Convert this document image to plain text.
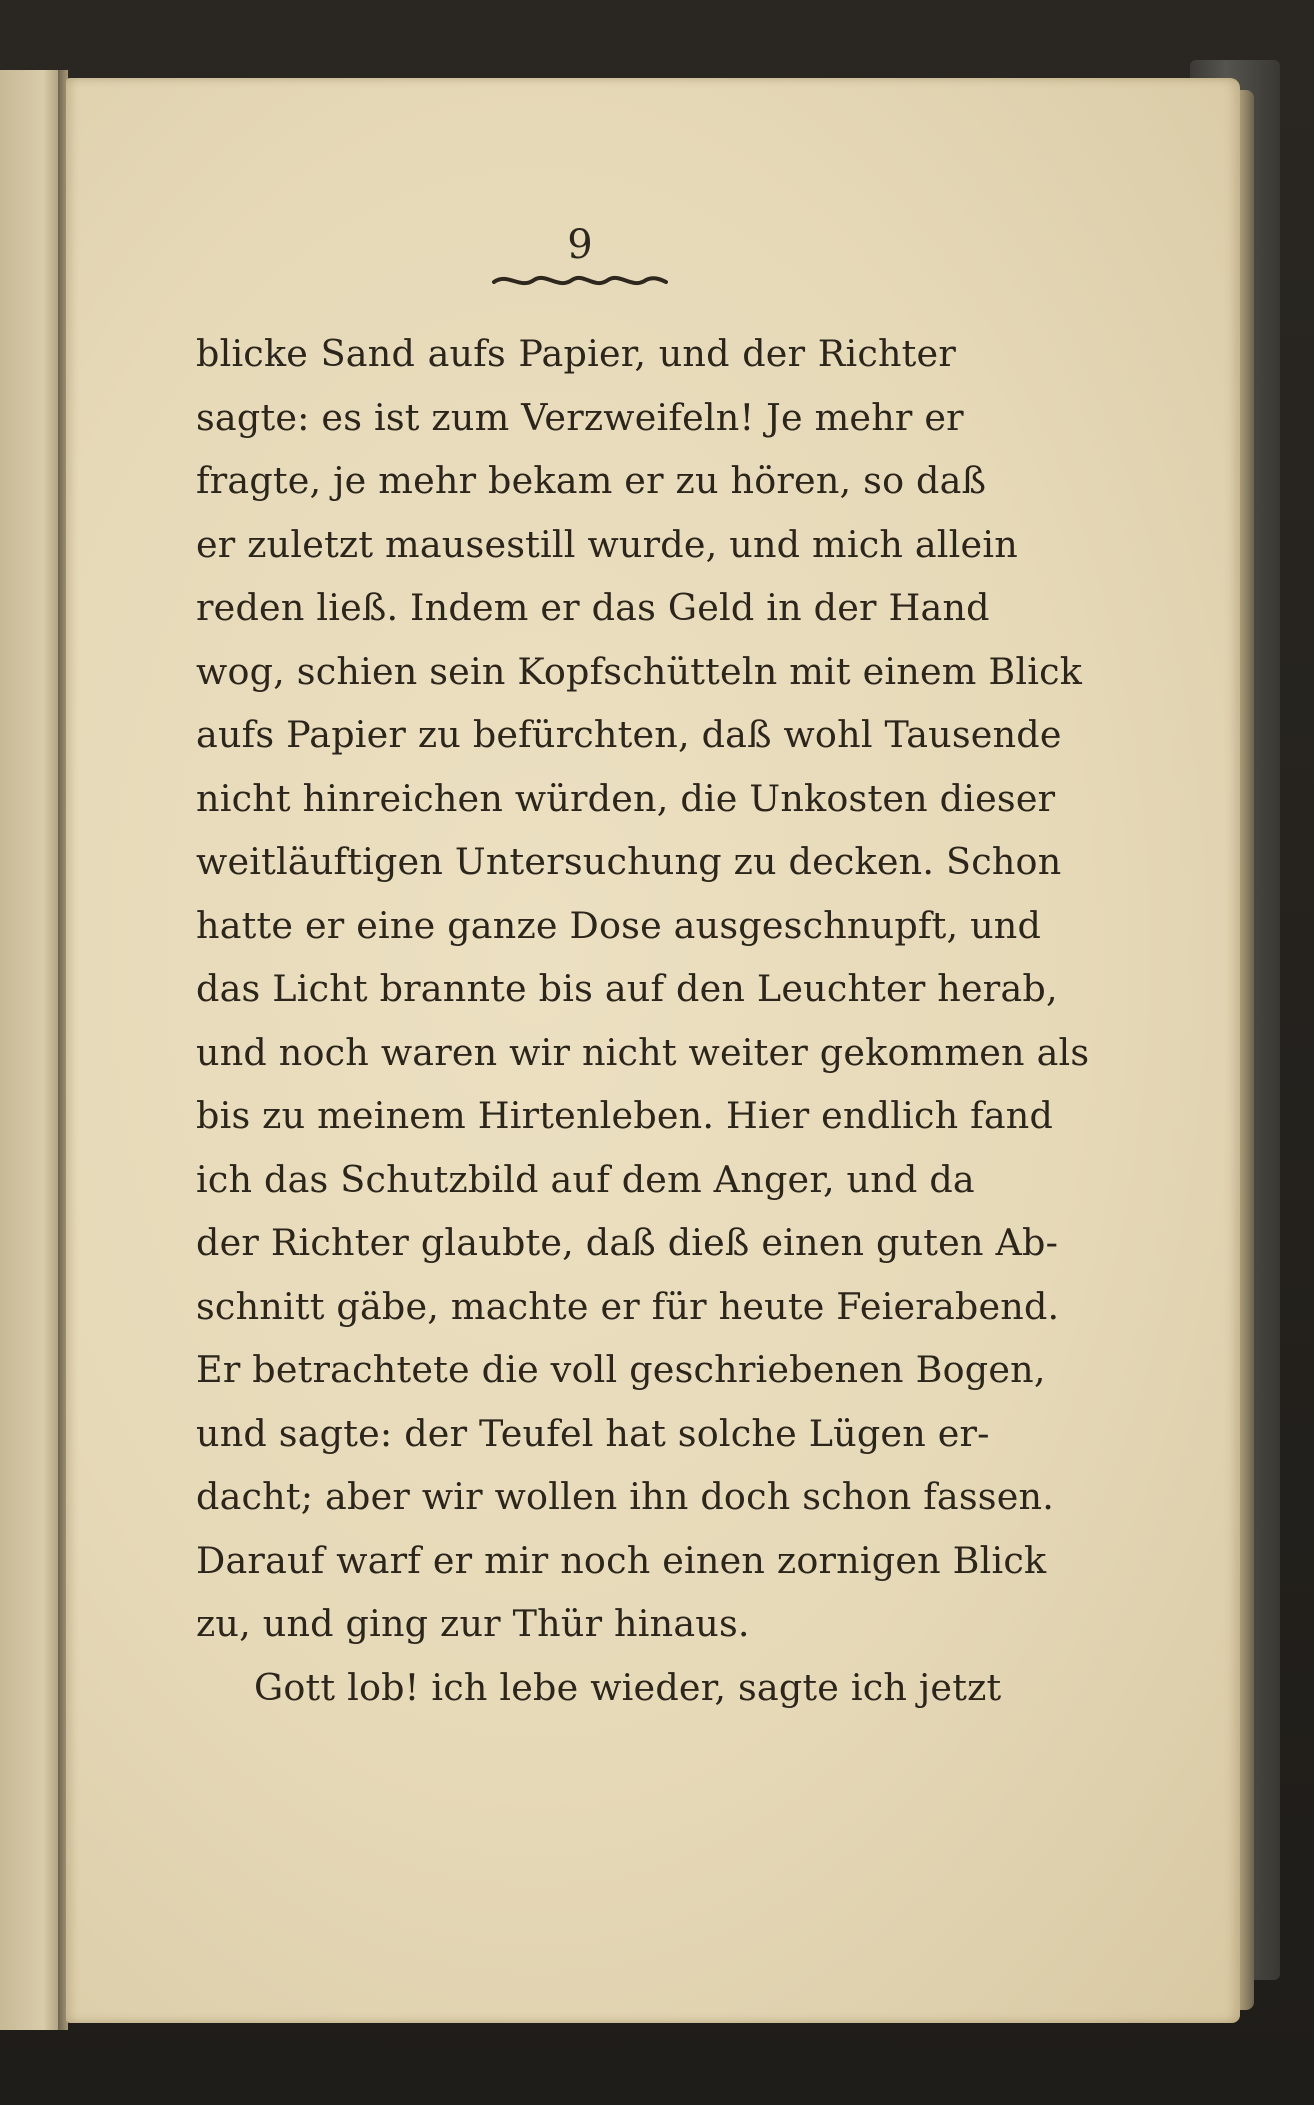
9
blicke Sand aufs Papier, und der Richter
sagte: es ist zum Verzweifeln! Je mehr er
fragte, je mehr bekam er zu hören, so daß
er zuletzt mausestill wurde, und mich allein
reden ließ. Indem er das Geld in der Hand
wog, schien sein Kopfschütteln mit einem Blick
aufs Papier zu befürchten, daß wohl Tausende
nicht hinreichen würden, die Unkosten dieser
weitläuftigen Untersuchung zu decken. Schon
hatte er eine ganze Dose ausgeschnupft, und
das Licht brannte bis auf den Leuchter herab,
und noch waren wir nicht weiter gekommen als
bis zu meinem Hirtenleben. Hier endlich fand
ich das Schutzbild auf dem Anger, und da
der Richter glaubte, daß dieß einen guten Ab-
schnitt gäbe, machte er für heute Feierabend.
Er betrachtete die voll geschriebenen Bogen,
und sagte: der Teufel hat solche Lügen er-
dacht; aber wir wollen ihn doch schon fassen.
Darauf warf er mir noch einen zornigen Blick
zu, und ging zur Thür hinaus.
Gott lob! ich lebe wieder, sagte ich jetzt
